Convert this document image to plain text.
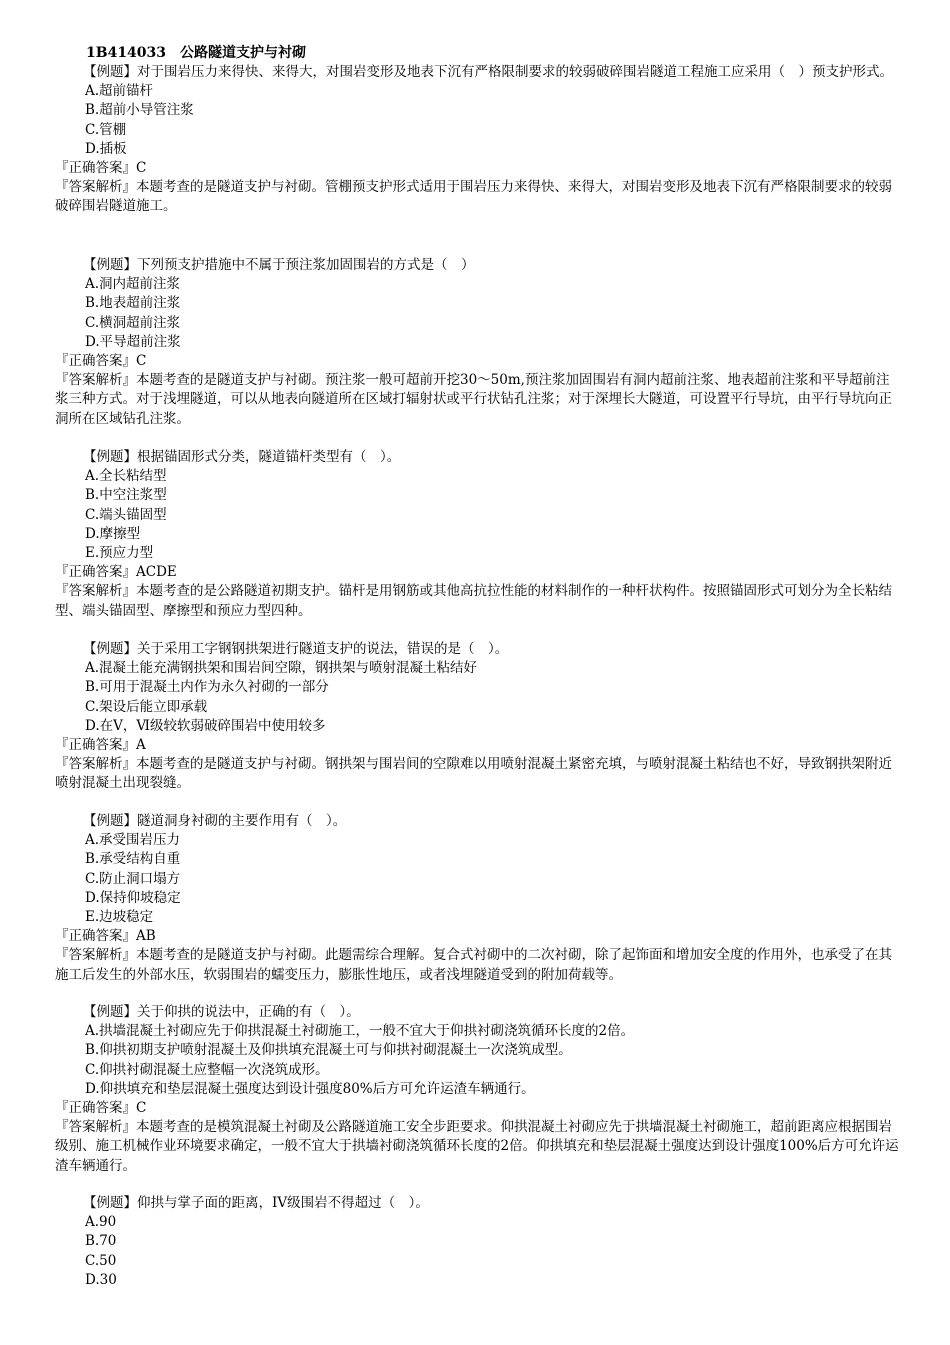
1B414033　公路隧道支护与衬砌

【例题】对于围岩压力来得快、来得大，对围岩变形及地表下沉有严格限制要求的较弱破碎围岩隧道工程施工应采用（　）预支护形式。

A.超前锚杆

B.超前小导管注浆

C.管棚

D.插板

『正确答案』C

『答案解析』本题考查的是隧道支护与衬砌。管棚预支护形式适用于围岩压力来得快、来得大，对围岩变形及地表下沉有严格限制要求的较弱破碎围岩隧道施工。

【例题】下列预支护措施中不属于预注浆加固围岩的方式是（　）

A.洞内超前注浆

B.地表超前注浆

C.横洞超前注浆

D.平导超前注浆

『正确答案』C

『答案解析』本题考查的是隧道支护与衬砌。预注浆一般可超前开挖30～50m,预注浆加固围岩有洞内超前注浆、地表超前注浆和平导超前注浆三种方式。对于浅埋隧道，可以从地表向隧道所在区域打辐射状或平行状钻孔注浆；对于深埋长大隧道，可设置平行导坑，由平行导坑向正洞所在区域钻孔注浆。

【例题】根据锚固形式分类，隧道锚杆类型有（　）。

A.全长粘结型

B.中空注浆型

C.端头锚固型

D.摩擦型

E.预应力型

『正确答案』ACDE

『答案解析』本题考查的是公路隧道初期支护。锚杆是用钢筋或其他高抗拉性能的材料制作的一种杆状构件。按照锚固形式可划分为全长粘结型、端头锚固型、摩擦型和预应力型四种。

【例题】关于采用工字钢钢拱架进行隧道支护的说法，错误的是（　）。

A.混凝土能充满钢拱架和围岩间空隙，钢拱架与喷射混凝土粘结好

B.可用于混凝土内作为永久衬砌的一部分

C.架设后能立即承载

D.在V，Ⅵ级较软弱破碎围岩中使用较多

『正确答案』A

『答案解析』本题考查的是隧道支护与衬砌。钢拱架与围岩间的空隙难以用喷射混凝土紧密充填，与喷射混凝土粘结也不好，导致钢拱架附近喷射混凝土出现裂缝。

【例题】隧道洞身衬砌的主要作用有（　）。

A.承受围岩压力

B.承受结构自重

C.防止洞口塌方

D.保持仰坡稳定

E.边坡稳定

『正确答案』AB

『答案解析』本题考查的是隧道支护与衬砌。此题需综合理解。复合式衬砌中的二次衬砌，除了起饰面和增加安全度的作用外，也承受了在其施工后发生的外部水压，软弱围岩的蠕变压力，膨胀性地压，或者浅埋隧道受到的附加荷载等。

【例题】关于仰拱的说法中，正确的有（　）。

A.拱墙混凝土衬砌应先于仰拱混凝土衬砌施工，一般不宜大于仰拱衬砌浇筑循环长度的2倍。

B.仰拱初期支护喷射混凝土及仰拱填充混凝土可与仰拱衬砌混凝土一次浇筑成型。

C.仰拱衬砌混凝土应整幅一次浇筑成形。

D.仰拱填充和垫层混凝土强度达到设计强度80%后方可允许运渣车辆通行。

『正确答案』C

『答案解析』本题考查的是模筑混凝土衬砌及公路隧道施工安全步距要求。仰拱混凝土衬砌应先于拱墙混凝土衬砌施工，超前距离应根据围岩级别、施工机械作业环境要求确定，一般不宜大于拱墙衬砌浇筑循环长度的2倍。仰拱填充和垫层混凝土强度达到设计强度100%后方可允许运渣车辆通行。

【例题】仰拱与掌子面的距离，IV级围岩不得超过（　）。

A.90

B.70

C.50

D.30
